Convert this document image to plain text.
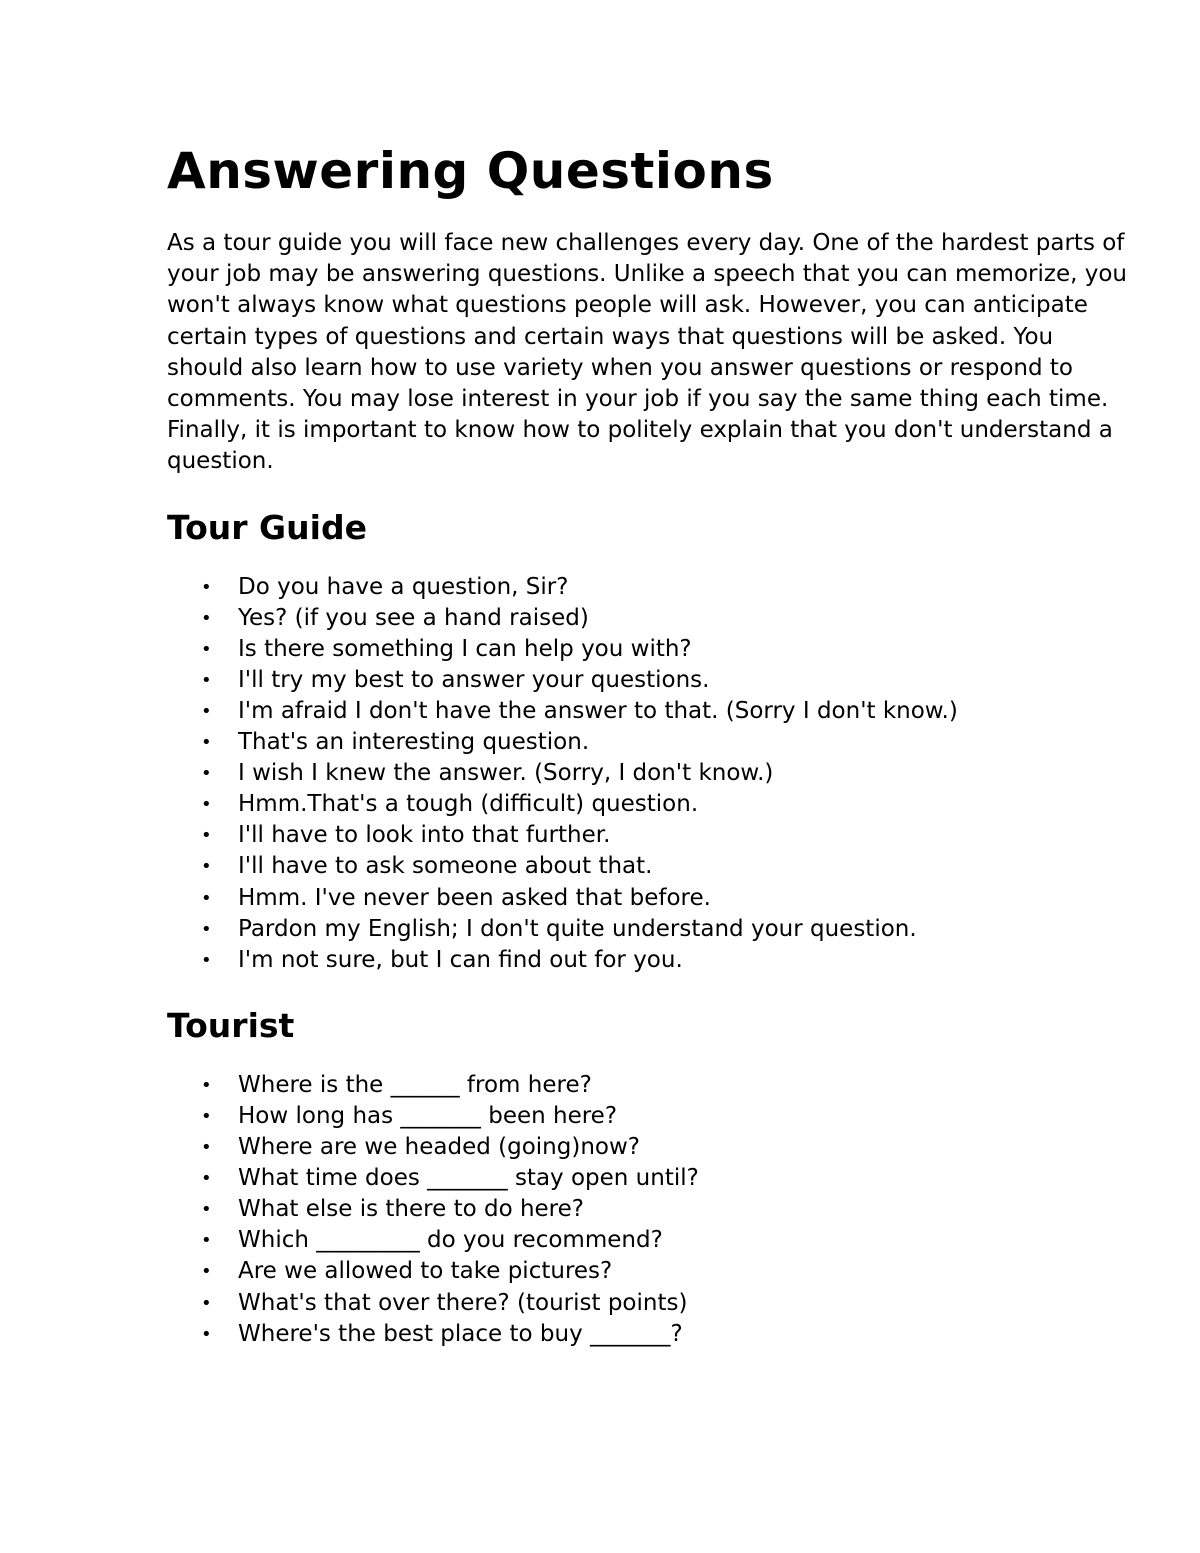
Answering Questions

As a tour guide you will face new challenges every day. One of the hardest parts of your job may be answering questions. Unlike a speech that you can memorize, you won't always know what questions people will ask. However, you can anticipate certain types of questions and certain ways that questions will be asked. You should also learn how to use variety when you answer questions or respond to comments. You may lose interest in your job if you say the same thing each time. Finally, it is important to know how to politely explain that you don't understand a question.

Tour Guide
• Do you have a question, Sir?
• Yes? (if you see a hand raised)
• Is there something I can help you with?
• I'll try my best to answer your questions.
• I'm afraid I don't have the answer to that. (Sorry I don't know.)
• That's an interesting question.
• I wish I knew the answer. (Sorry, I don't know.)
• Hmm.That's a tough (difficult) question.
• I'll have to look into that further.
• I'll have to ask someone about that.
• Hmm. I've never been asked that before.
• Pardon my English; I don't quite understand your question.
• I'm not sure, but I can find out for you.
Tourist
• Where is the ______ from here?
• How long has _______ been here?
• Where are we headed (going)now?
• What time does _______ stay open until?
• What else is there to do here?
• Which _________ do you recommend?
• Are we allowed to take pictures?
• What's that over there? (tourist points)
• Where's the best place to buy _______?
